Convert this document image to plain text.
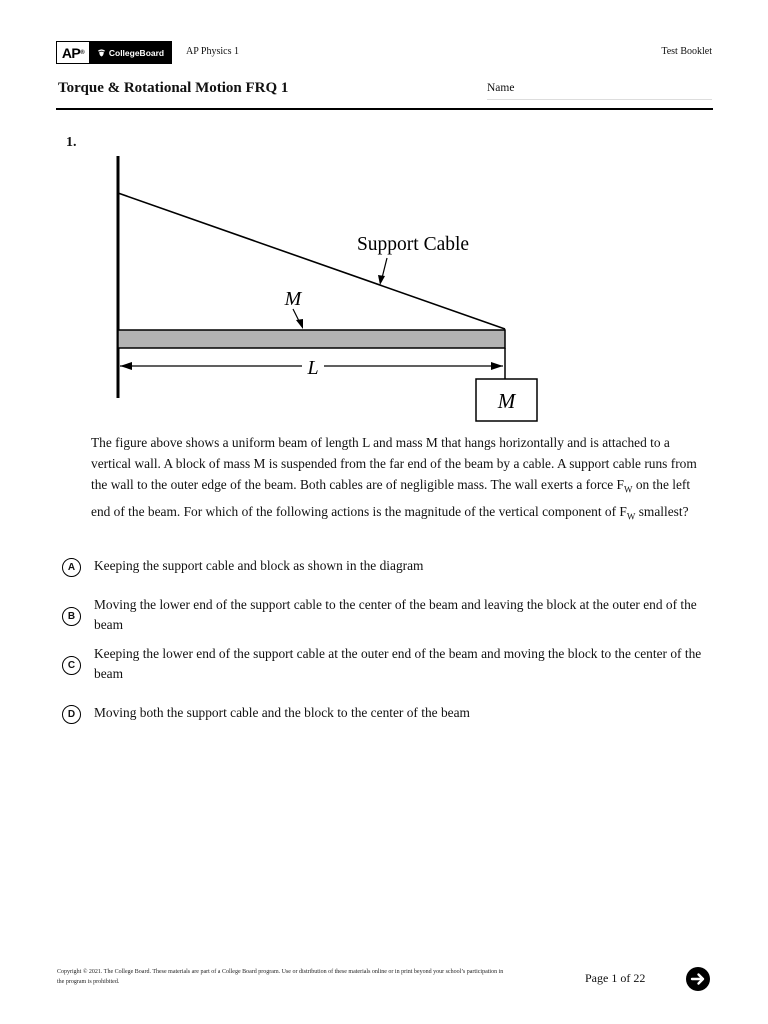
AP ®	CollegeBoard AP Physics 1	Test Booklet
Torque & Rotational Motion FRQ 1	Name
1.
M
L
M
Support Cable
The figure above shows a uniform beam of length L and mass M that hangs horizontally and is attached to a vertical wall. A block of mass M is suspended from the far end of the beam by a cable. A support cable runs from the wall to the outer edge of the beam. Both cables are of negligible mass. The wall exerts a force $F_W$ on the left end of the beam. For which of the following actions is the magnitude of the vertical component of $F_W$ smallest?
A	Keeping the support cable and block as shown in the diagram
B
Moving the lower end of the support cable to the center of the beam and leaving the block at the outer end of the beam
C
Keeping the lower end of the support cable at the outer end of the beam and moving the block to the center of the beam
D	Moving both the support cable and the block to the center of the beam
Copyright © 2021. The College Board. These materials are part of a College Board program. Use or distribution of these materials online or in print beyond your school’s participation in the program is prohibited.	Page 1 of 22
